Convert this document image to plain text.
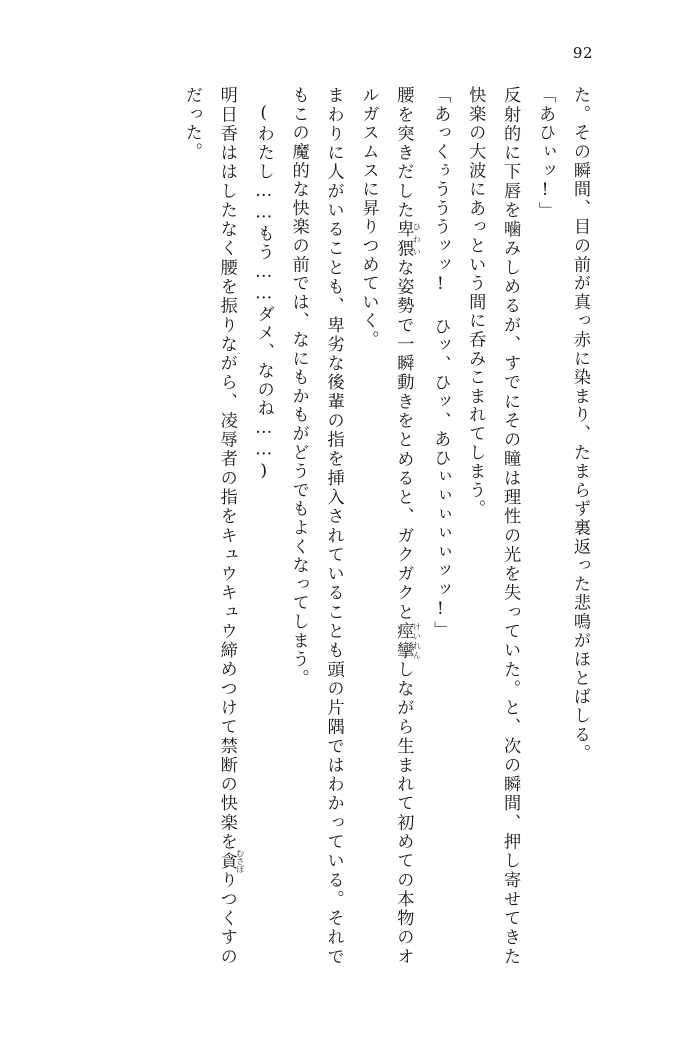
92

た。その瞬間、目の前が真っ赤に染まり、たまらず裏返った悲鳴がほとばしる。

「あひぃッ!」

反射的に下唇を噛みしめるが、すでにその瞳は理性の光を失っていた。と、次の瞬間、押し寄せてきた快楽の大波にあっという間に呑みこまれてしまう。

「あっくぅうううッッ! ひッ、ひッ、あひぃぃぃぃぃッッ!」

腰を突きだした卑猥 ひわいな姿勢で一瞬動きをとめると、ガクガクと痙攣 けいれんしながら生まれて初めての本物のオルガスムスに昇りつめていく。

まわりに人がいることも、卑劣な後輩の指を挿入されていることも頭の片隅ではわかっている。それでもこの魔的な快楽の前では、なにもかもがどうでもよくなってしまう。

(わたし……もう……ダメ、なのね……)

明日香ははしたなく腰を振りながら、凌辱者の指をキュウキュウ締めつけて禁断の快楽を貪 むさぼりつくすのだった。
